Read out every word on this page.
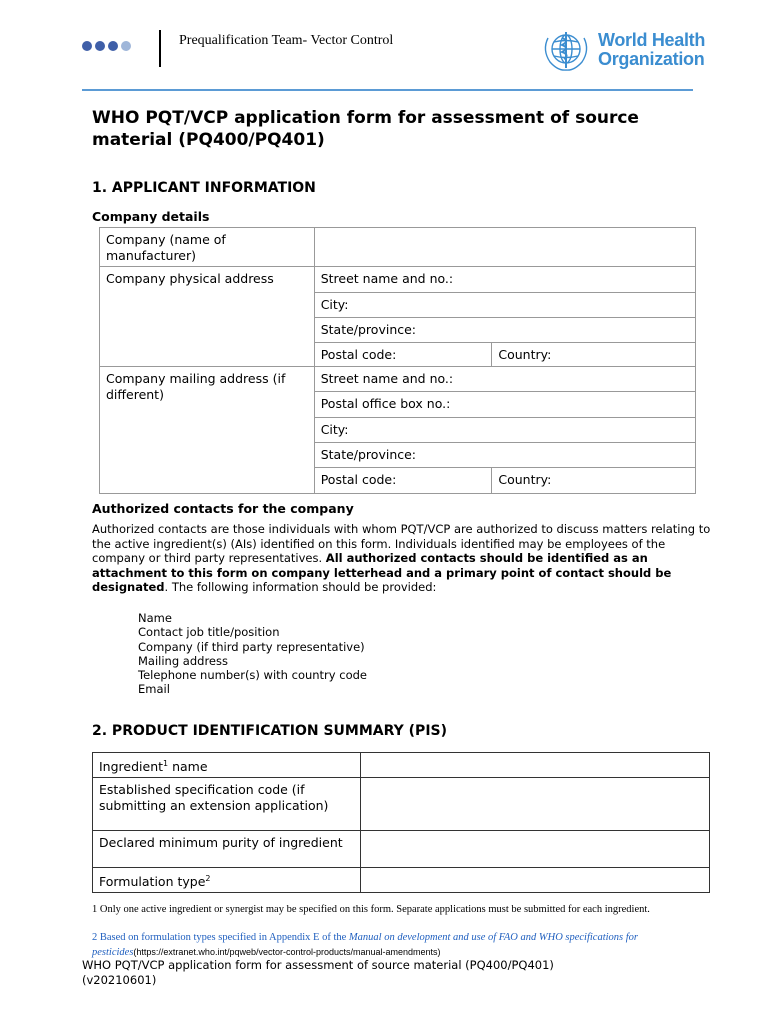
Prequalification Team- Vector Control	World Health
Organization
WHO PQT/VCP application form for assessment of source material (PQ400/PQ401)
1. APPLICANT INFORMATION
Company details
Company (name of manufacturer)		
Company physical address	Street name and no.:	
	City:	
	State/province:	
	Postal code:	Country:
Company mailing address (if different)	Street name and no.:	
	Postal office box no.:	
	City:	
	State/province:	
	Postal code:	Country:
Authorized contacts for the company
Authorized contacts are those individuals with whom PQT/VCP are authorized to discuss matters relating to the active ingredient(s) (AIs) identified on this form. Individuals identified may be employees of the company or third party representatives. All authorized contacts should be identified as an attachment to this form on company letterhead and a primary point of contact should be designated. The following information should be provided:
Name
Contact job title/position
Company (if third party representative)
Mailing address
Telephone number(s) with country code
Email
2. PRODUCT IDENTIFICATION SUMMARY (PIS)
Ingredient$^1$ name	
Established specification code (if submitting an extension application)	
Declared minimum purity of ingredient	
Formulation type$^2$	
1 Only one active ingredient or synergist may be specified on this form. Separate applications must be submitted for each ingredient.
2 Based on formulation types specified in Appendix E of the Manual on development and use of FAO and WHO specifications for pesticides(https://extranet.who.int/pqweb/vector-control-products/manual-amendments)
WHO PQT/VCP application form for assessment of source material (PQ400/PQ401)
(v20210601)
